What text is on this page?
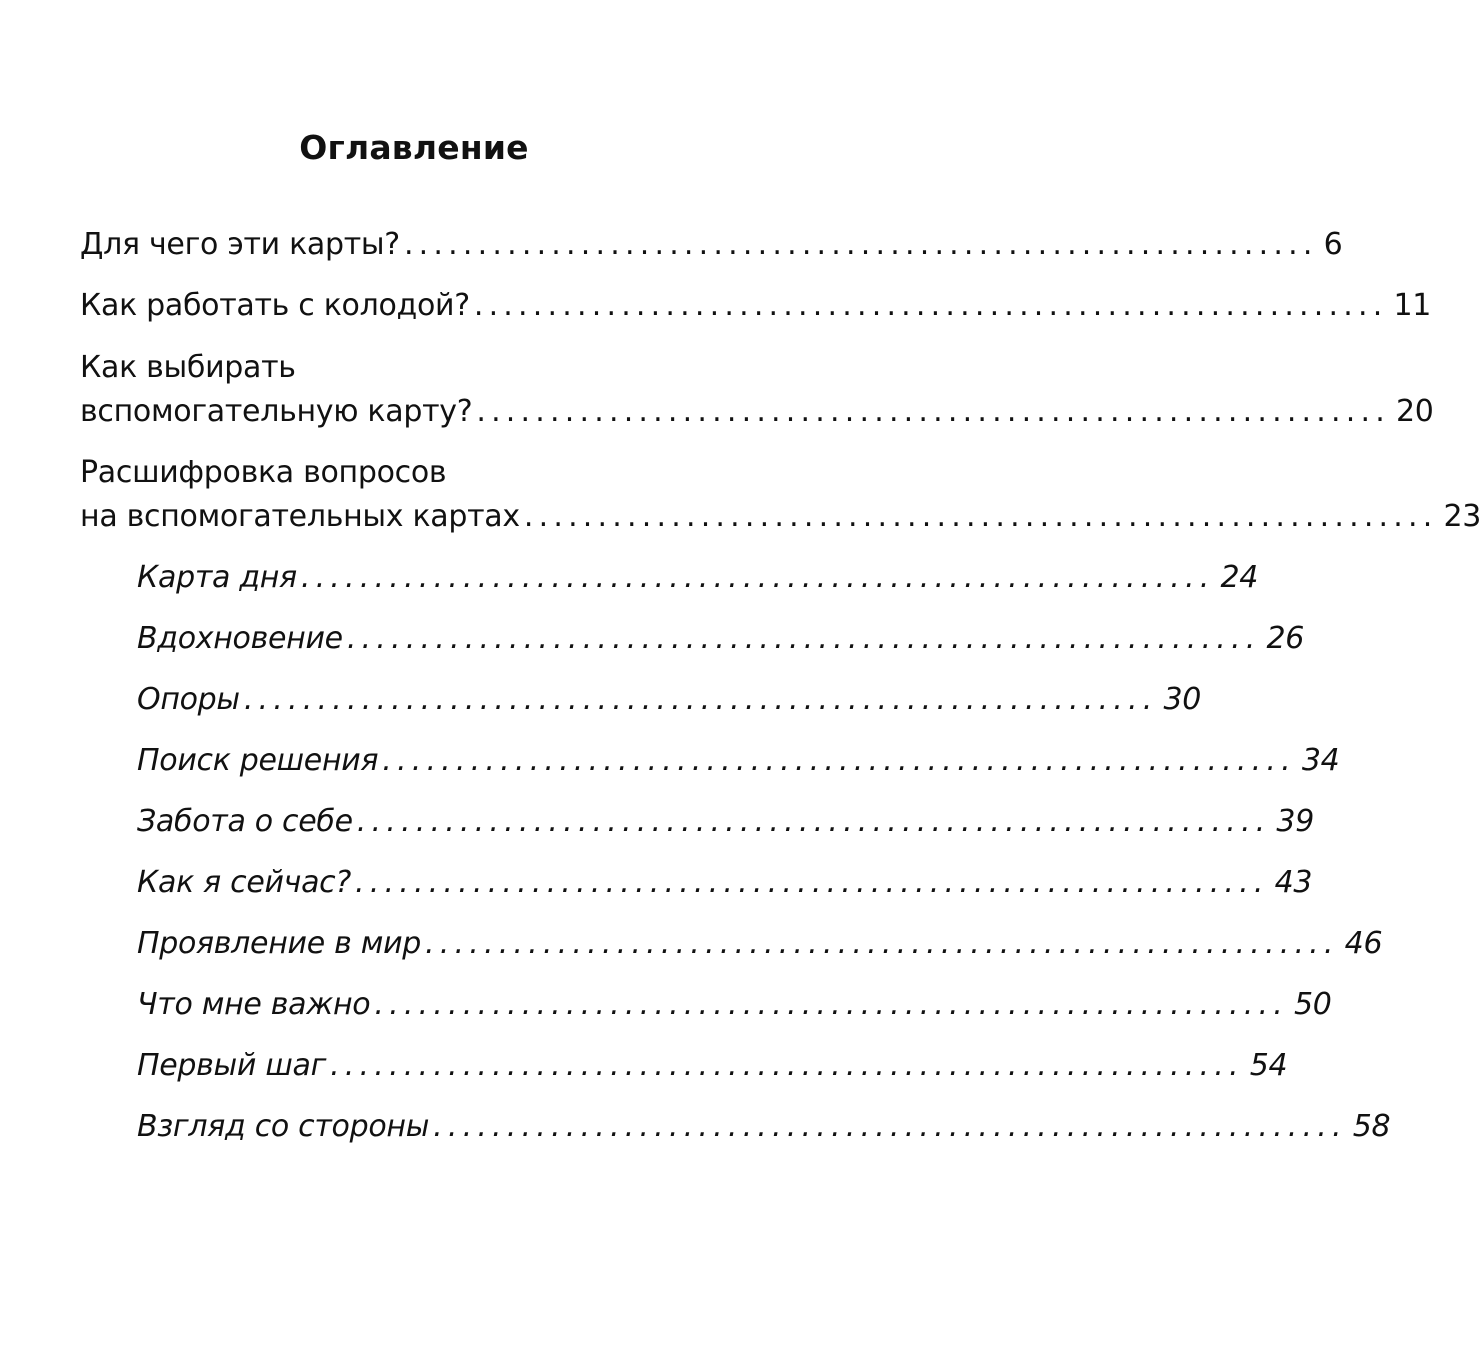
Оглавление
Для чего эти карты? .............................................................. 6
Как работать с колодой? .............................................................. 11
Как выбирать
вспомогательную карту? .............................................................. 20
Расшифровка вопросов
на вспомогательных картах .............................................................. 23
Карта дня .............................................................. 24
Вдохновение .............................................................. 26
Опоры .............................................................. 30
Поиск решения .............................................................. 34
Забота о себе .............................................................. 39
Как я сейчас? .............................................................. 43
Проявление в мир .............................................................. 46
Что мне важно .............................................................. 50
Первый шаг .............................................................. 54
Взгляд со стороны .............................................................. 58
